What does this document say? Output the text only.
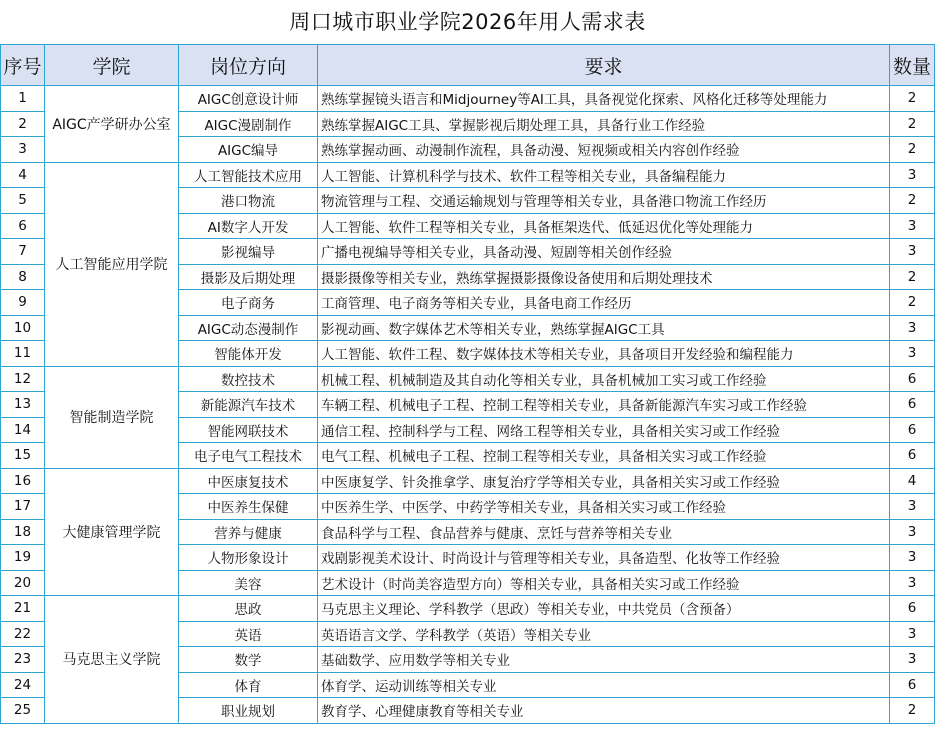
周口城市职业学院2026年用人需求表
序号	学院	岗位方向	要求	数量
1	AIGC产学研办公室	AIGC创意设计师	熟练掌握镜头语言和Midjourney等AI工具，具备视觉化探索、风格化迁移等处理能力	2
2		AIGC漫剧制作	熟练掌握AIGC工具、掌握影视后期处理工具，具备行业工作经验	2
3		AIGC编导	熟练掌握动画、动漫制作流程，具备动漫、短视频或相关内容创作经验	2
4	人工智能应用学院	人工智能技术应用	人工智能、计算机科学与技术、软件工程等相关专业，具备编程能力	3
5		港口物流	物流管理与工程、交通运输规划与管理等相关专业，具备港口物流工作经历	2
6		AI数字人开发	人工智能、软件工程等相关专业，具备框架迭代、低延迟优化等处理能力	3
7		影视编导	广播电视编导等相关专业，具备动漫、短剧等相关创作经验	3
8		摄影及后期处理	摄影摄像等相关专业，熟练掌握摄影摄像设备使用和后期处理技术	2
9		电子商务	工商管理、电子商务等相关专业，具备电商工作经历	2
10		AIGC动态漫制作	影视动画、数字媒体艺术等相关专业，熟练掌握AIGC工具	3
11		智能体开发	人工智能、软件工程、数字媒体技术等相关专业，具备项目开发经验和编程能力	3
12	智能制造学院	数控技术	机械工程、机械制造及其自动化等相关专业，具备机械加工实习或工作经验	6
13		新能源汽车技术	车辆工程、机械电子工程、控制工程等相关专业，具备新能源汽车实习或工作经验	6
14		智能网联技术	通信工程、控制科学与工程、网络工程等相关专业，具备相关实习或工作经验	6
15		电子电气工程技术	电气工程、机械电子工程、控制工程等相关专业，具备相关实习或工作经验	6
16	大健康管理学院	中医康复技术	中医康复学、针灸推拿学、康复治疗学等相关专业，具备相关实习或工作经验	4
17		中医养生保健	中医养生学、中医学、中药学等相关专业，具备相关实习或工作经验	3
18		营养与健康	食品科学与工程、食品营养与健康、烹饪与营养等相关专业	3
19		人物形象设计	戏剧影视美术设计、时尚设计与管理等相关专业，具备造型、化妆等工作经验	3
20		美容	艺术设计（时尚美容造型方向）等相关专业，具备相关实习或工作经验	3
21	马克思主义学院	思政	马克思主义理论、学科教学（思政）等相关专业，中共党员（含预备）	6
22		英语	英语语言文学、学科教学（英语）等相关专业	3
23		数学	基础数学、应用数学等相关专业	3
24		体育	体育学、运动训练等相关专业	6
25		职业规划	教育学、心理健康教育等相关专业	2
